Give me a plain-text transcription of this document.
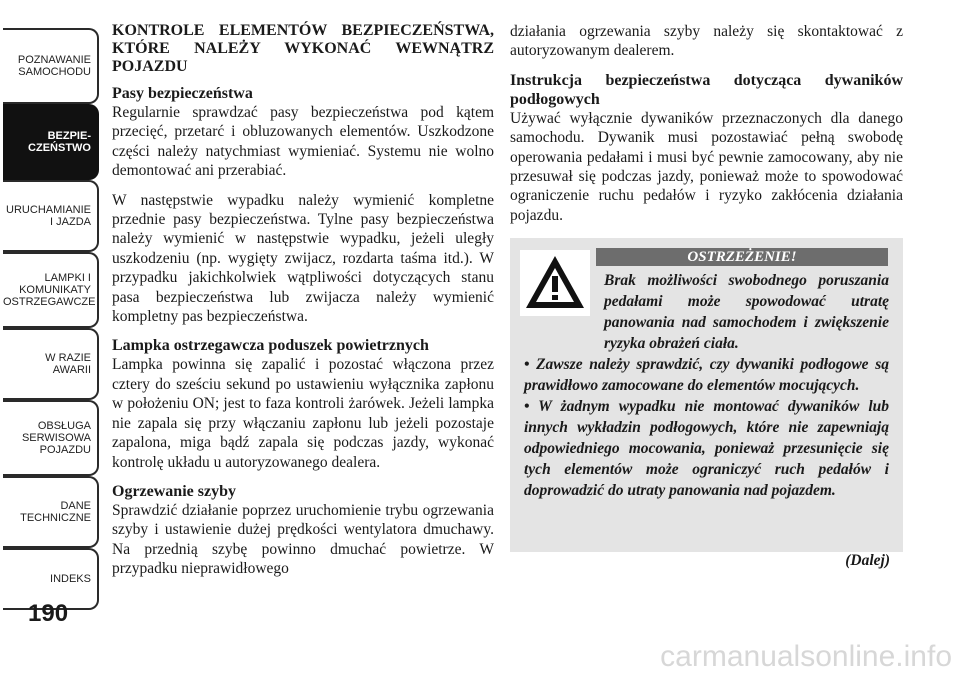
POZNAWANIE
SAMOCHODU
BEZPIE-
CZEŃSTWO
URUCHAMIANIE
I JAZDA
LAMPKI I
KOMUNIKATY
OSTRZEGAWCZE
W RAZIE
AWARII
OBSŁUGA
SERWISOWA
POJAZDU
DANE
TECHNICZNE
INDEKS
190
KONTROLE ELEMENTÓW BEZPIECZEŃSTWA, KTÓRE NALEŻY WYKONAĆ WEWNĄTRZ POJAZDU
Pasy bezpieczeństwa

Regularnie sprawdzać pasy bezpieczeństwa pod kątem przecięć, przetarć i obluzowanych elementów. Uszkodzone części należy natychmiast wymieniać. Systemu nie wolno demontować ani przerabiać.

W następstwie wypadku należy wymienić kompletne przednie pasy bezpieczeństwa. Tylne pasy bezpieczeństwa należy wymienić w następstwie wypadku, jeżeli uległy uszkodzeniu (np. wygięty zwijacz, rozdarta taśma itd.). W przypadku jakichkolwiek wątpliwości dotyczących stanu pasa bezpieczeństwa lub zwijacza należy wymienić kompletny pas bezpieczeństwa.

Lampka ostrzegawcza poduszek powietrznych

Lampka powinna się zapalić i pozostać włączona przez cztery do sześciu sekund po ustawieniu wyłącznika zapłonu w położeniu ON; jest to faza kontroli żarówek. Jeżeli lampka nie zapala się przy włączaniu zapłonu lub jeżeli pozostaje zapalona, miga bądź zapala się podczas jazdy, wykonać kontrolę układu u autoryzowanego dealera.

Ogrzewanie szyby

Sprawdzić działanie poprzez uruchomienie trybu ogrzewania szyby i ustawienie dużej prędkości wentylatora dmuchawy. Na przednią szybę powinno dmuchać powietrze. W przypadku nieprawidłowego

działania ogrzewania szyby należy się skontaktować z autoryzowanym dealerem.

Instrukcja bezpieczeństwa dotycząca dywaników podłogowych

Używać wyłącznie dywaników przeznaczonych dla danego samochodu. Dywanik musi pozostawiać pełną swobodę operowania pedałami i musi być pewnie zamocowany, aby nie przesuwał się podczas jazdy, ponieważ może to spowodować ograniczenie ruchu pedałów i ryzyko zakłócenia działania pojazdu.

OSTRZEŻENIE!

Brak możliwości swobodnego poruszania pedałami może spowodować utratę panowania nad samochodem i zwiększenie ryzyka obrażeń ciała.

• Zawsze należy sprawdzić, czy dywaniki podłogowe są prawidłowo zamocowane do elementów mocujących.

• W żadnym wypadku nie montować dywaników lub innych wykładzin podłogowych, które nie zapewniają odpowiedniego mocowania, ponieważ przesunięcie się tych elementów może ograniczyć ruch pedałów i doprowadzić do utraty panowania nad pojazdem.

(Dalej)
carmanualsonline.info
